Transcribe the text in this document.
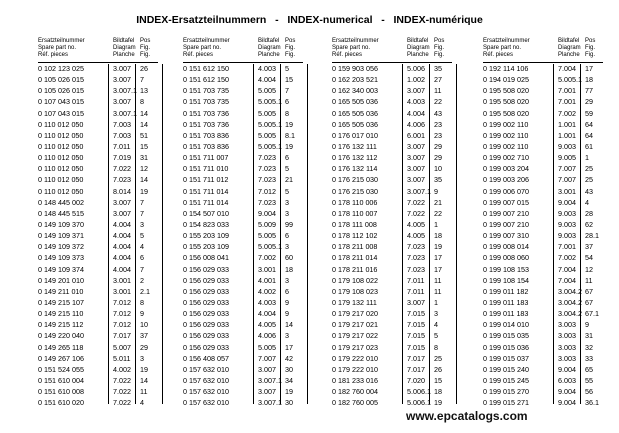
INDEX-Ersatzteilnummern   -   INDEX-numerical   -   INDEX-numérique
Ersatzteilnummer
Spare part no.
Réf. pieces
Bildtafel
Diagram
Planche
Pos
Fig.
Fig.
0 102 123 025	3.007 26
0 105 026 015	3.007 7
0 105 026 015	3.007.1 13
0 107 043 015	3.007 8
0 107 043 015	3.007.1 14
0 110 012 050	7.003 14
0 110 012 050	7.003 51
0 110 012 050	7.011 15
0 110 012 050	7.019 31
0 110 012 050	7.022 12
0 110 012 050	7.023 14
0 110 012 050	8.014 19
0 148 445 002	3.007 7
0 148 445 515	3.007 7
0 149 109 370	4.004 3
0 149 109 371	4.004 5
0 149 109 372	4.004 4
0 149 109 373	4.004 6
0 149 109 374	4.004 7
0 149 201 010	3.001 2
0 149 211 010	3.001 2.1
0 149 215 107	7.012 8
0 149 215 110	7.012 9
0 149 215 112	7.012 10
0 149 220 040	7.017 37
0 149 265 118	5.007 29
0 149 267 106	5.011 3
0 151 524 055	4.002 19
0 151 610 004	7.022 14
0 151 610 008	7.022 11
0 151 610 020	7.022 4
Ersatzteilnummer
Spare part no.
Réf. pieces
Bildtafel
Diagram
Planche
Pos
Fig.
Fig.
0 151 612 150	4.003 5
0 151 612 150	4.004 15
0 151 703 735	5.005 7
0 151 703 735	5.005.1 6
0 151 703 736	5.005 8
0 151 703 736	5.005.1 19
0 151 703 836	5.005 8.1
0 151 703 836	5.005.1 19
0 151 711 007	7.023 6
0 151 711 010	7.023 5
0 151 711 012	7.023 21
0 151 711 014	7.012 5
0 151 711 014	7.023 3
0 154 507 010	9.004 3
0 154 823 033	5.009 99
0 155 203 109	5.005 6
0 155 203 109	5.005.1 3
0 156 008 041	7.002 60
0 156 029 033	3.001 18
0 156 029 033	4.001 3
0 156 029 033	4.002 6
0 156 029 033	4.003 9
0 156 029 033	4.004 9
0 156 029 033	4.005 14
0 156 029 033	4.006 3
0 156 029 033	5.005 17
0 156 408 057	7.007 42
0 157 632 010	3.007 30
0 157 632 010	3.007.1 34
0 157 632 010	3.007 19
0 157 632 010	3.007.1 30
Ersatzteilnummer
Spare part no.
Réf. pieces
Bildtafel
Diagram
Planche
Pos
Fig.
Fig.
0 159 903 056	5.006 35
0 162 203 521	1.002 27
0 162 340 003	3.007 11
0 165 505 036	4.003 22
0 165 505 036	4.004 43
0 165 505 036	4.006 23
0 176 017 010	6.001 23
0 176 132 111	3.007 29
0 176 132 112	3.007 29
0 176 132 114	3.007 10
0 176 215 030	3.007 35
0 176 215 030	3.007.1 9
0 178 110 006	7.022 21
0 178 110 007	7.022 22
0 178 111 008	4.005 1
0 178 112 102	4.005 18
0 178 211 008	7.023 19
0 178 211 014	7.023 17
0 178 211 016	7.023 17
0 179 108 022	7.011 11
0 179 108 023	7.011 11
0 179 132 111	3.007 1
0 179 217 020	7.015 3
0 179 217 021	7.015 4
0 179 217 022	7.015 5
0 179 217 023	7.015 8
0 179 222 010	7.017 25
0 179 222 010	7.017 26
0 181 233 016	7.020 15
0 182 760 004	5.006.1 18
0 182 760 005	5.006.1 19
Ersatzteilnummer
Spare part no.
Réf. pieces
Bildtafel
Diagram
Planche
Pos
Fig.
Fig.
0 192 114 106	7.004 17
0 194 019 025	5.005.1 18
0 195 508 020	7.001 77
0 195 508 020	7.001 29
0 195 508 020	7.002 59
0 199 002 110	1.001 64
0 199 002 110	1.001 64
0 199 002 110	9.003 61
0 199 002 710	9.005 1
0 199 003 204	7.007 25
0 199 003 206	7.007 25
0 199 006 070	3.001 43
0 199 007 015	9.004 4
0 199 007 210	9.003 28
0 199 007 210	9.003 62
0 199 007 310	9.003 28.1
0 199 008 014	7.001 37
0 199 008 060	7.002 54
0 199 108 153	7.004 12
0 199 108 154	7.004 11
0 199 011 182	3.004.2 67
0 199 011 183	3.004.2 67
0 199 011 183	3.004.2 67.1
0 199 014 010	3.003 9
0 199 015 035	3.003 31
0 199 015 036	3.003 32
0 199 015 037	3.003 33
0 199 015 240	9.004 65
0 199 015 245	6.003 55
0 199 015 270	9.004 56
0 199 015 271	9.004 36.1
www.epcatalogs.com
